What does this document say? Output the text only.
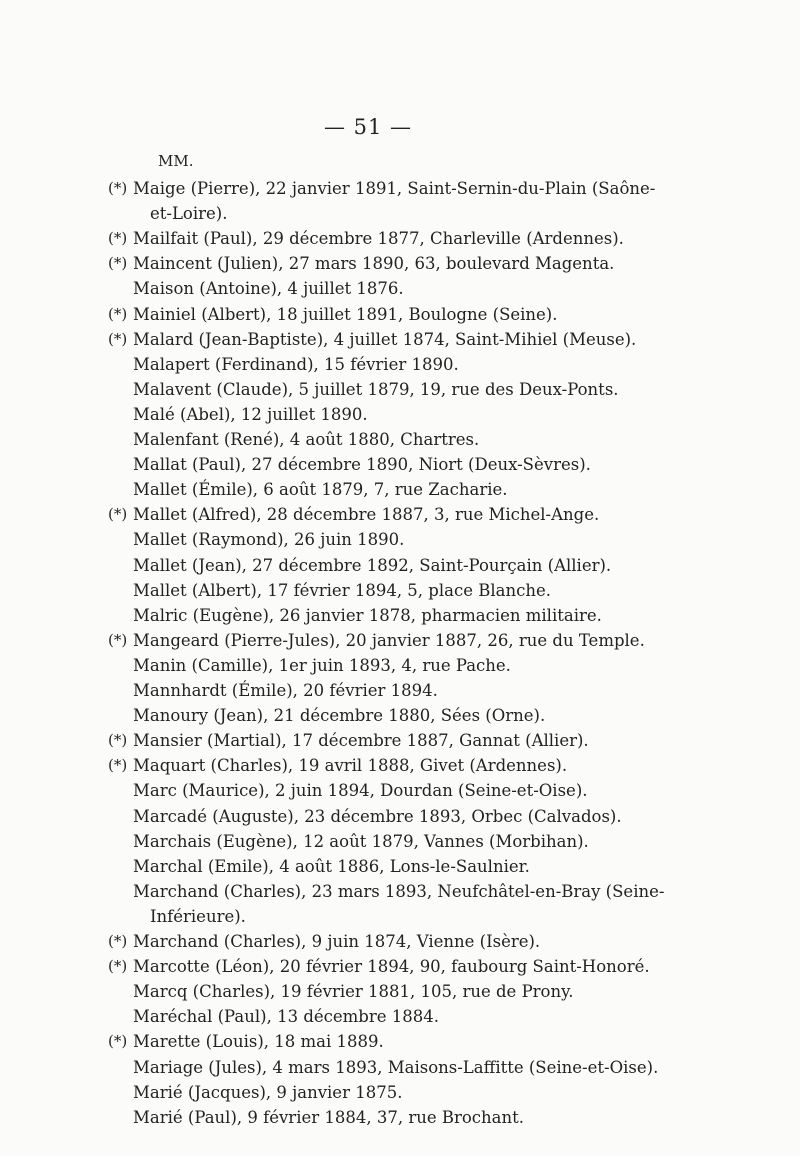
— 51 —
MM.
(*) Maige (Pierre), 22 janvier 1891, Saint-Sernin-du-Plain (Saône-
et-Loire).
(*) Mailfait (Paul), 29 décembre 1877, Charleville (Ardennes).
(*) Maincent (Julien), 27 mars 1890, 63, boulevard Magenta.
Maison (Antoine), 4 juillet 1876.
(*) Mainiel (Albert), 18 juillet 1891, Boulogne (Seine).
(*) Malard (Jean-Baptiste), 4 juillet 1874, Saint-Mihiel (Meuse).
Malapert (Ferdinand), 15 février 1890.
Malavent (Claude), 5 juillet 1879, 19, rue des Deux-Ponts.
Malé (Abel), 12 juillet 1890.
Malenfant (René), 4 août 1880, Chartres.
Mallat (Paul), 27 décembre 1890, Niort (Deux-Sèvres).
Mallet (Émile), 6 août 1879, 7, rue Zacharie.
(*) Mallet (Alfred), 28 décembre 1887, 3, rue Michel-Ange.
Mallet (Raymond), 26 juin 1890.
Mallet (Jean), 27 décembre 1892, Saint-Pourçain (Allier).
Mallet (Albert), 17 février 1894, 5, place Blanche.
Malric (Eugène), 26 janvier 1878, pharmacien militaire.
(*) Mangeard (Pierre-Jules), 20 janvier 1887, 26, rue du Temple.
Manin (Camille), 1er juin 1893, 4, rue Pache.
Mannhardt (Émile), 20 février 1894.
Manoury (Jean), 21 décembre 1880, Sées (Orne).
(*) Mansier (Martial), 17 décembre 1887, Gannat (Allier).
(*) Maquart (Charles), 19 avril 1888, Givet (Ardennes).
Marc (Maurice), 2 juin 1894, Dourdan (Seine-et-Oise).
Marcadé (Auguste), 23 décembre 1893, Orbec (Calvados).
Marchais (Eugène), 12 août 1879, Vannes (Morbihan).
Marchal (Emile), 4 août 1886, Lons-le-Saulnier.
Marchand (Charles), 23 mars 1893, Neufchâtel-en-Bray (Seine-
Inférieure).
(*) Marchand (Charles), 9 juin 1874, Vienne (Isère).
(*) Marcotte (Léon), 20 février 1894, 90, faubourg Saint-Honoré.
Marcq (Charles), 19 février 1881, 105, rue de Prony.
Maréchal (Paul), 13 décembre 1884.
(*) Marette (Louis), 18 mai 1889.
Mariage (Jules), 4 mars 1893, Maisons-Laffitte (Seine-et-Oise).
Marié (Jacques), 9 janvier 1875.
Marié (Paul), 9 février 1884, 37, rue Brochant.
